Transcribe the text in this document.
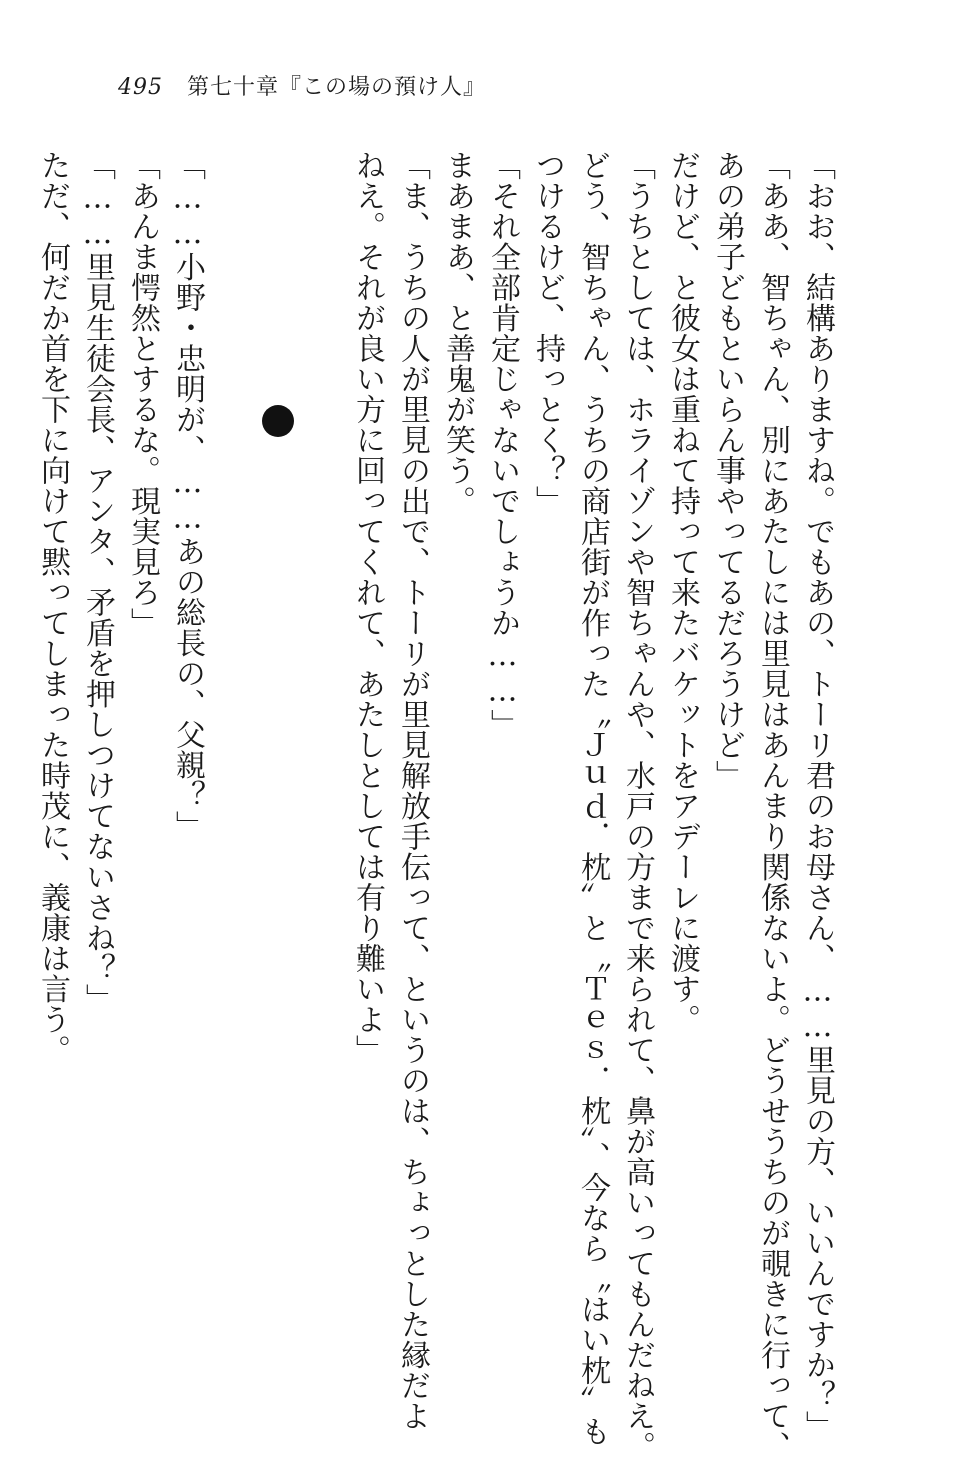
495 第七十章『この場の預け人』
「おお、結構ありますね。でもあの、トーリ君のお母さん、……里見の方、いいんですか？」
「ああ、智ちゃん、別にあたしには里見はあんまり関係ないよ。どうせうちのが覗きに行って、
あの弟子どもといらん事やってるだろうけど」
だけど、と彼女は重ねて持って来たバケットをアデーレに渡す。
「うちとしては、ホライゾンや智ちゃんや、水戸の方まで来られて、鼻が高いってもんだねえ。
どう、智ちゃん、うちの商店街が作った〝Ｊｕｄ．枕〟と〝Ｔｅｓ．枕〟、今なら〝はい枕〟も
つけるけど、持っとく？」
「それ全部肯定じゃないでしょうか……」
まあまあ、と善鬼が笑う。
「ま、うちの人が里見の出で、トーリが里見解放手伝って、というのは、ちょっとした縁だよ
ねえ。それが良い方に回ってくれて、あたしとしては有り難いよ」
「……小野・忠明が、……あの総長の、父親？」
「あんま愕然とするな。現実見ろ」
「……里見生徒会長、アンタ、矛盾を押しつけてないさね？」
ただ、何だか首を下に向けて黙ってしまった時茂に、義康は言う。
